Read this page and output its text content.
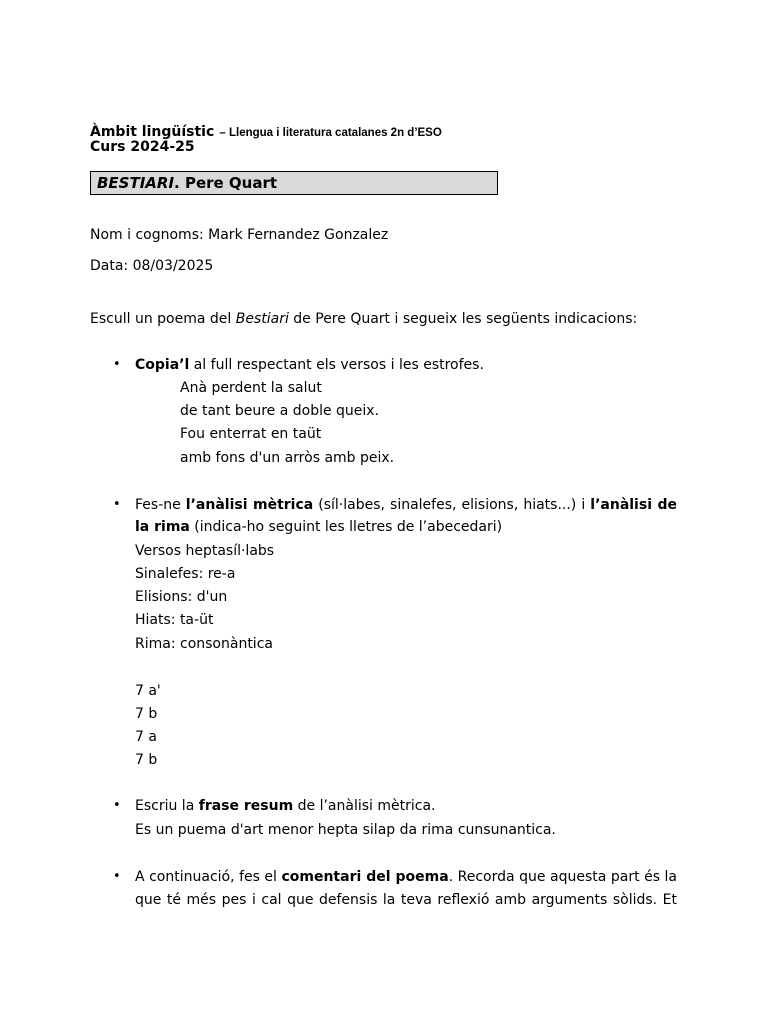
Àmbit lingüístic – Llengua i literatura catalanes 2n d’ESO
Curs 2024-25
BESTIARI. Pere Quart
Nom i cognoms: Mark Fernandez Gonzalez
Data: 08/03/2025
Escull un poema del Bestiari de Pere Quart i segueix les següents indicacions:
• Copia’l al full respectant els versos i les estrofes.
Anà perdent la salut
de tant beure a doble queix.
Fou enterrat en taüt
amb fons d'un arròs amb peix.
• Fes-ne l’anàlisi mètrica (síl·labes, sinalefes, elisions, hiats...) i l’anàlisi de
la rima (indica-ho seguint les lletres de l’abecedari)
Versos heptasíl·labs
Sinalefes: re-a
Elisions: d'un
Hiats: ta-üt
Rima: consonàntica
7 a'
7 b
7 a
7 b
• Escriu la frase resum de l’anàlisi mètrica.
Es un puema d'art menor hepta silap da rima cunsunantica.
• A continuació, fes el comentari del poema. Recorda que aquesta part és la
que té més pes i cal que defensis la teva reflexió amb arguments sòlids. Et
